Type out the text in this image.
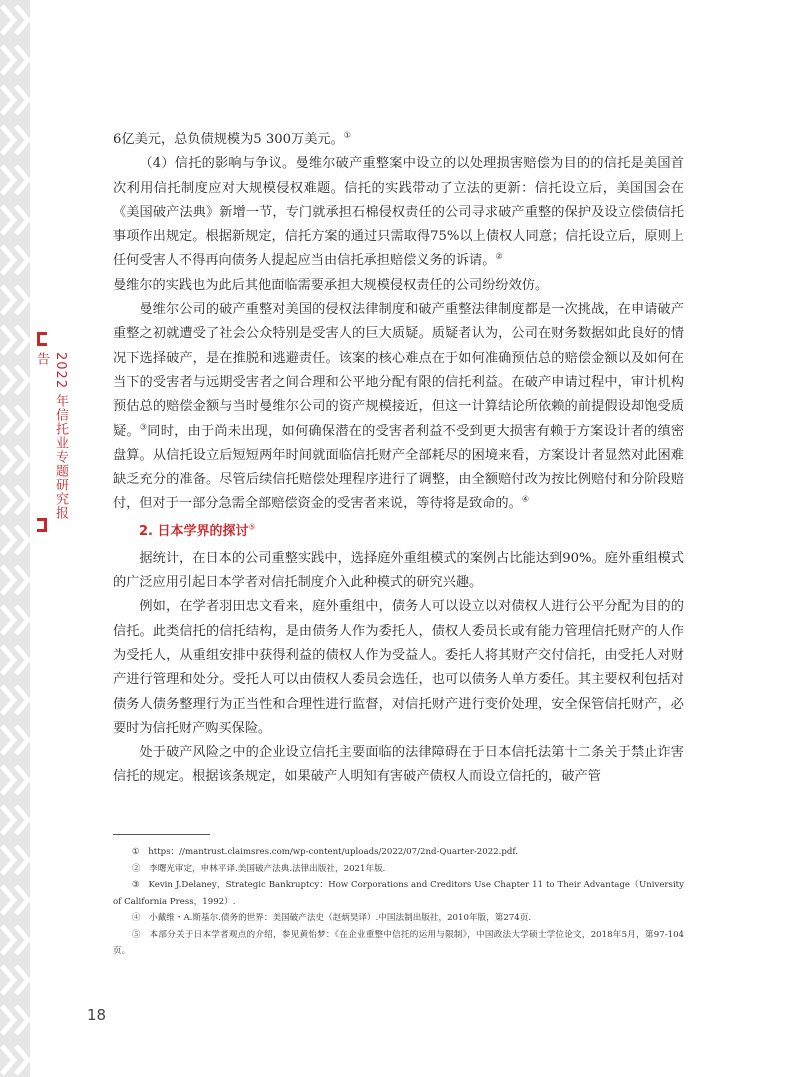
2022 年信托业专题研究报告

6亿美元，总负债规模为5 300万美元。①

（4）信托的影响与争议。曼维尔破产重整案中设立的以处理损害赔偿为目的的信托是美国首次利用信托制度应对大规模侵权难题。信托的实践带动了立法的更新：信托设立后，美国国会在《美国破产法典》新增一节，专门就承担石棉侵权责任的公司寻求破产重整的保护及设立偿债信托事项作出规定。根据新规定，信托方案的通过只需取得75%以上债权人同意；信托设立后，原则上任何受害人不得再向债务人提起应当由信托承担赔偿义务的诉请。②

曼维尔的实践也为此后其他面临需要承担大规模侵权责任的公司纷纷效仿。

曼维尔公司的破产重整对美国的侵权法律制度和破产重整法律制度都是一次挑战，在申请破产重整之初就遭受了社会公众特别是受害人的巨大质疑。质疑者认为，公司在财务数据如此良好的情况下选择破产，是在推脱和逃避责任。该案的核心难点在于如何准确预估总的赔偿金额以及如何在当下的受害者与远期受害者之间合理和公平地分配有限的信托利益。在破产申请过程中，审计机构预估总的赔偿金额与当时曼维尔公司的资产规模接近，但这一计算结论所依赖的前提假设却饱受质疑。③同时，由于尚未出现，如何确保潜在的受害者利益不受到更大损害有赖于方案设计者的缜密盘算。从信托设立后短短两年时间就面临信托财产全部耗尽的困境来看，方案设计者显然对此困难缺乏充分的准备。尽管后续信托赔偿处理程序进行了调整，由全额赔付改为按比例赔付和分阶段赔付，但对于一部分急需全部赔偿资金的受害者来说，等待将是致命的。④

2. 日本学界的探讨⑤

据统计，在日本的公司重整实践中，选择庭外重组模式的案例占比能达到90%。庭外重组模式的广泛应用引起日本学者对信托制度介入此种模式的研究兴趣。

例如，在学者羽田忠文看来，庭外重组中，债务人可以设立以对债权人进行公平分配为目的的信托。此类信托的信托结构，是由债务人作为委托人，债权人委员长或有能力管理信托财产的人作为受托人，从重组安排中获得利益的债权人作为受益人。委托人将其财产交付信托，由受托人对财产进行管理和处分。受托人可以由债权人委员会选任，也可以债务人单方委任。其主要权利包括对债务人债务整理行为正当性和合理性进行监督，对信托财产进行变价处理，安全保管信托财产，必要时为信托财产购买保险。

处于破产风险之中的企业设立信托主要面临的法律障碍在于日本信托法第十二条关于禁止诈害信托的规定。根据该条规定，如果破产人明知有害破产债权人而设立信托的，破产管

①　https：//mantrust.claimsres.com/wp-content/uploads/2022/07/2nd-Quarter-2022.pdf.
②　李曙光审定，申林平译.美国破产法典.法律出版社，2021年版.
③　Kevin J.Delaney，Strategic Bankruptcy：How Corporations and Creditors Use Chapter 11 to Their Advantage（University of California Press，1992）.
④　小戴维・A.斯基尔.债务的世界：美国破产法史（赵炳昊译）.中国法制出版社，2010年版，第274页.
⑤　本部分关于日本学者观点的介绍，参见黄怡梦：《在企业重整中信托的运用与限制》，中国政法大学硕士学位论文，2018年5月，第97-104页。
18
